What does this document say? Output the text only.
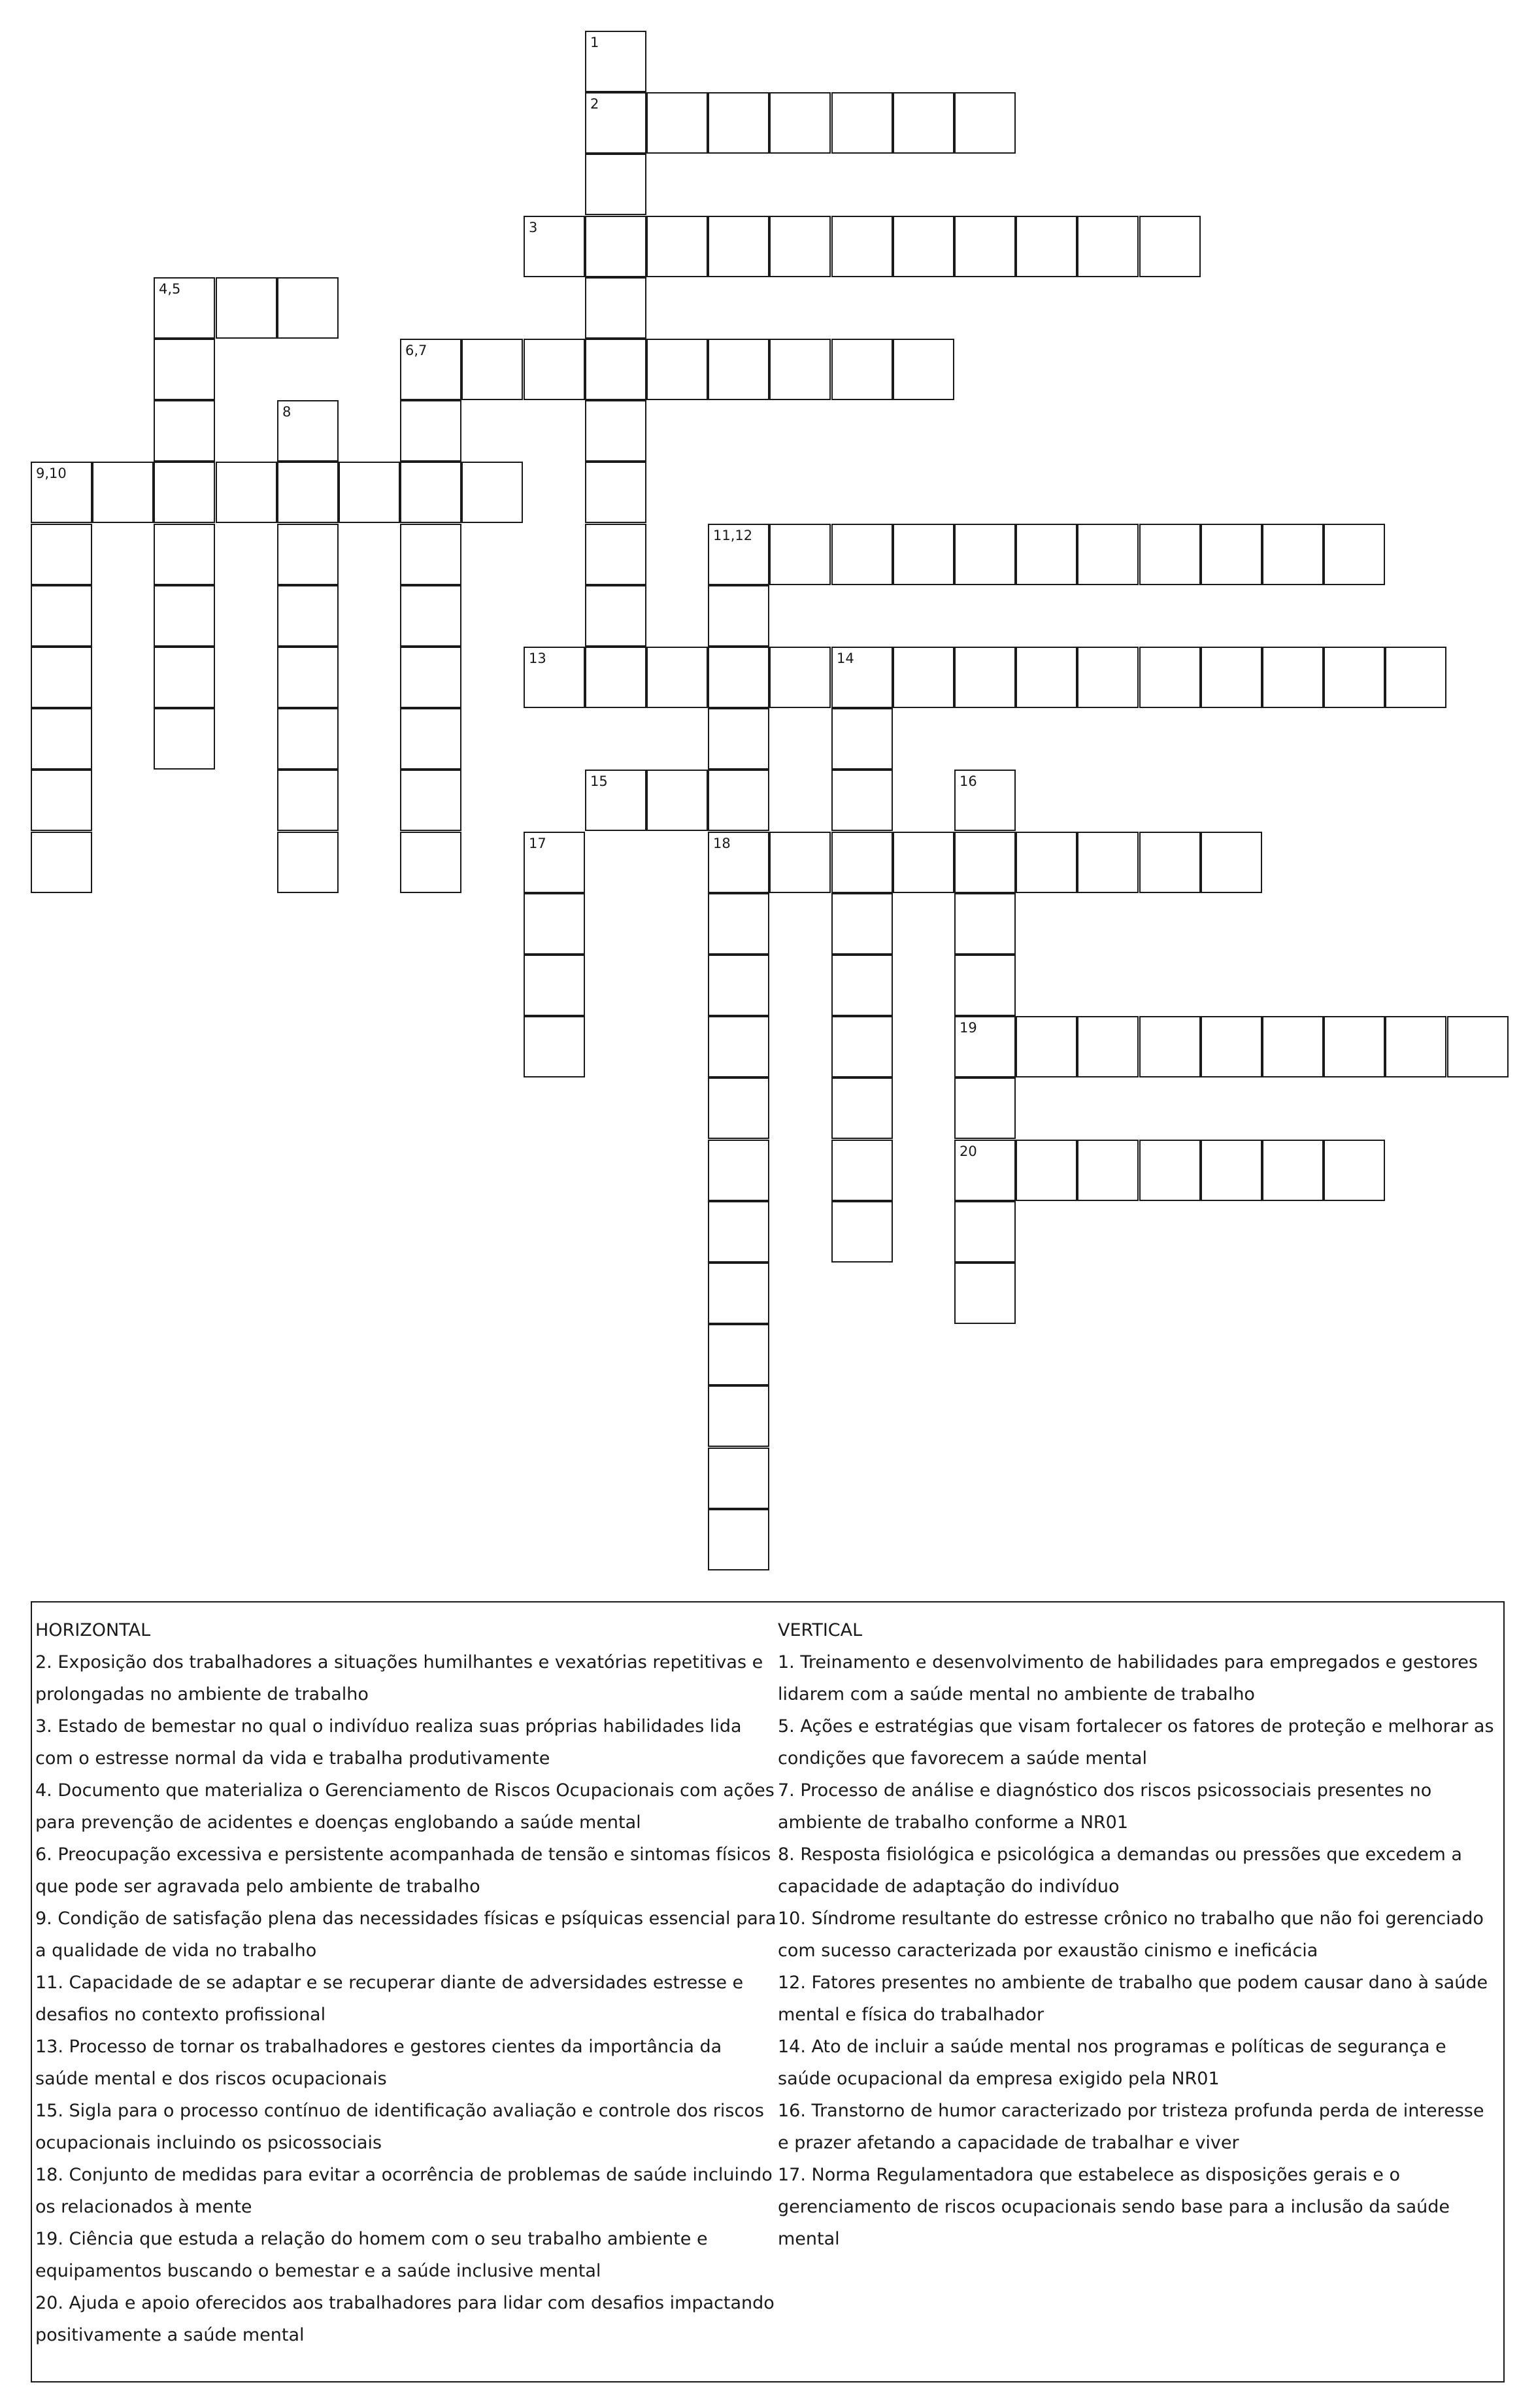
1
2
3
4,5
6,7
8
9,10
11,12
13	14
15	16
17	18
19
20
HORIZONTAL
2. Exposição dos trabalhadores a situações humilhantes e vexatórias repetitivas e prolongadas no ambiente de trabalho
3. Estado de bemestar no qual o indivíduo realiza suas próprias habilidades lida com o estresse normal da vida e trabalha produtivamente
4. Documento que materializa o Gerenciamento de Riscos Ocupacionais com ações para prevenção de acidentes e doenças englobando a saúde mental
6. Preocupação excessiva e persistente acompanhada de tensão e sintomas físicos que pode ser agravada pelo ambiente de trabalho
9. Condição de satisfação plena das necessidades físicas e psíquicas essencial para a qualidade de vida no trabalho
11. Capacidade de se adaptar e se recuperar diante de adversidades estresse e desafios no contexto profissional
13. Processo de tornar os trabalhadores e gestores cientes da importância da saúde mental e dos riscos ocupacionais
15. Sigla para o processo contínuo de identificação avaliação e controle dos riscos ocupacionais incluindo os psicossociais
18. Conjunto de medidas para evitar a ocorrência de problemas de saúde incluindo os relacionados à mente
19. Ciência que estuda a relação do homem com o seu trabalho ambiente e equipamentos buscando o bemestar e a saúde inclusive mental
20. Ajuda e apoio oferecidos aos trabalhadores para lidar com desafios impactando positivamente a saúde mental
VERTICAL
1. Treinamento e desenvolvimento de habilidades para empregados e gestores lidarem com a saúde mental no ambiente de trabalho
5. Ações e estratégias que visam fortalecer os fatores de proteção e melhorar as condições que favorecem a saúde mental
7. Processo de análise e diagnóstico dos riscos psicossociais presentes no ambiente de trabalho conforme a NR01
8. Resposta fisiológica e psicológica a demandas ou pressões que excedem a capacidade de adaptação do indivíduo
10. Síndrome resultante do estresse crônico no trabalho que não foi gerenciado com sucesso caracterizada por exaustão cinismo e ineficácia
12. Fatores presentes no ambiente de trabalho que podem causar dano à saúde mental e física do trabalhador
14. Ato de incluir a saúde mental nos programas e políticas de segurança e saúde ocupacional da empresa exigido pela NR01
16. Transtorno de humor caracterizado por tristeza profunda perda de interesse e prazer afetando a capacidade de trabalhar e viver
17. Norma Regulamentadora que estabelece as disposições gerais e o gerenciamento de riscos ocupacionais sendo base para a inclusão da saúde mental
